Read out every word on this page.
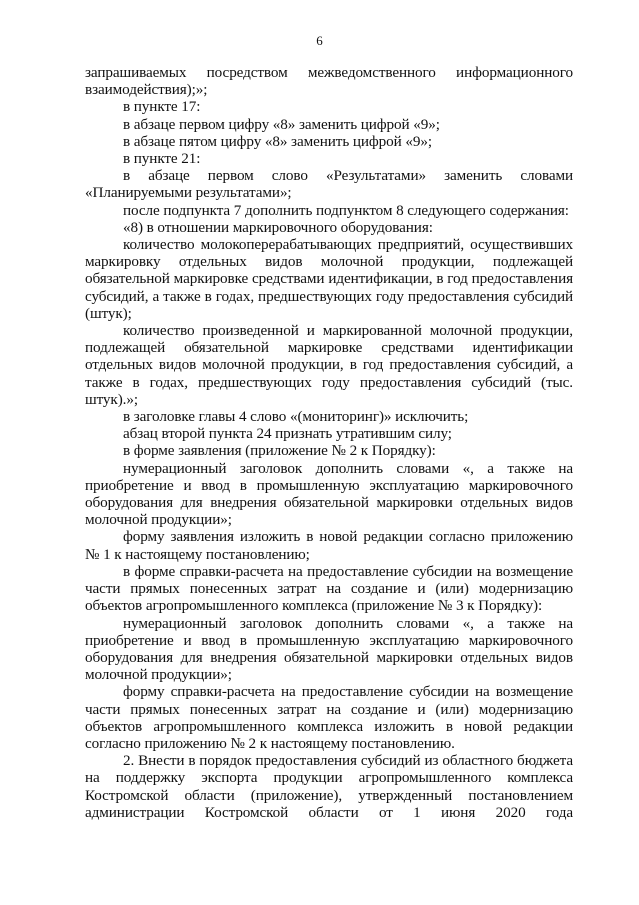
6

запрашиваемых посредством межведомственного информационного взаимодействия);»;

в пункте 17:

в абзаце первом цифру «8» заменить цифрой «9»;

в абзаце пятом цифру «8» заменить цифрой «9»;

в пункте 21:

в абзаце первом слово «Результатами» заменить словами «Планируемыми результатами»;

после подпункта 7 дополнить подпунктом 8 следующего содержания:

«8) в отношении маркировочного оборудования:

количество молокоперерабатывающих предприятий, осуществивших маркировку отдельных видов молочной продукции, подлежащей обязательной маркировке средствами идентификации, в год предоставления субсидий, а также в годах, предшествующих году предоставления субсидий (штук);

количество произведенной и маркированной молочной продукции, подлежащей обязательной маркировке средствами идентификации отдельных видов молочной продукции, в год предоставления субсидий, а также в годах, предшествующих году предоставления субсидий (тыс. штук).»;

в заголовке главы 4 слово «(мониторинг)» исключить;

абзац второй пункта 24 признать утратившим силу;

в форме заявления (приложение № 2 к Порядку):

нумерационный заголовок дополнить словами «, а также на приобретение и ввод в промышленную эксплуатацию маркировочного оборудования для внедрения обязательной маркировки отдельных видов молочной продукции»;

форму заявления изложить в новой редакции согласно приложению № 1 к настоящему постановлению;

в форме справки-расчета на предоставление субсидии на возмещение части прямых понесенных затрат на создание и (или) модернизацию объектов агропромышленного комплекса (приложение № 3 к Порядку):

нумерационный заголовок дополнить словами «, а также на приобретение и ввод в промышленную эксплуатацию маркировочного оборудования для внедрения обязательной маркировки отдельных видов молочной продукции»;

форму справки-расчета на предоставление субсидии на возмещение части прямых понесенных затрат на создание и (или) модернизацию объектов агропромышленного комплекса изложить в новой редакции согласно приложению № 2 к настоящему постановлению.

2. Внести в порядок предоставления субсидий из областного бюджета на поддержку экспорта продукции агропромышленного комплекса Костромской области (приложение), утвержденный постановлением администрации Костромской области от 1 июня 2020 года
